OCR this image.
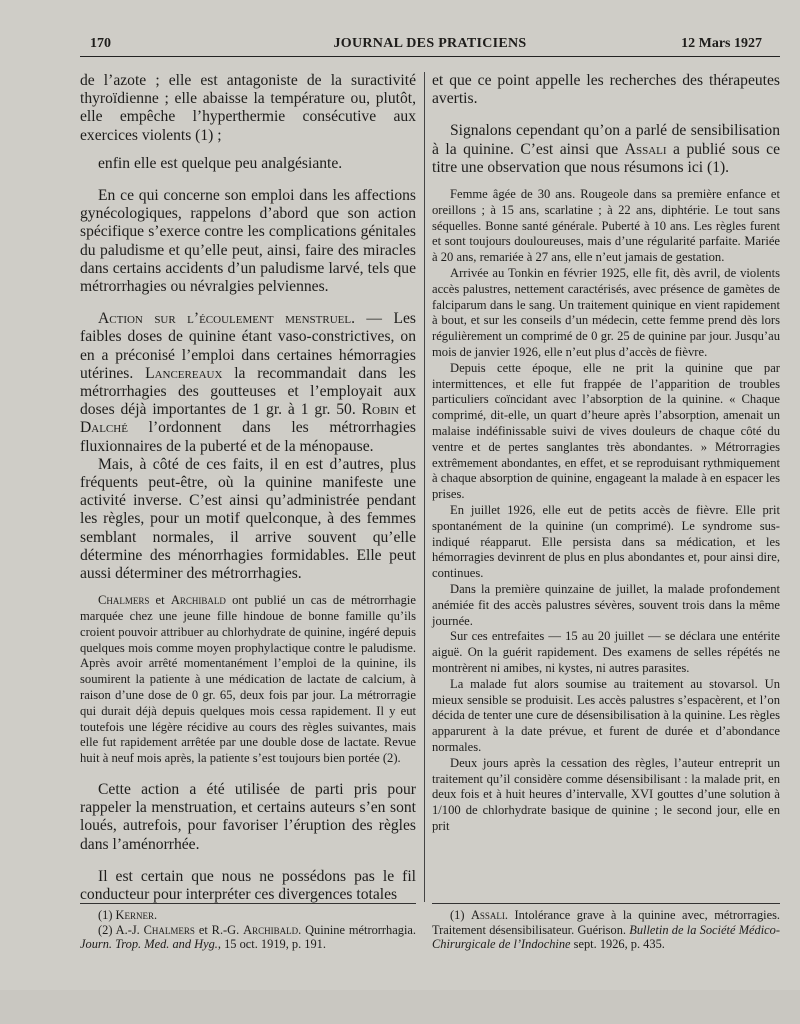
170	JOURNAL DES PRATICIENS	12 Mars 1927

de l’azote ; elle est antagoniste de la suractivité thyroïdienne ; elle abaisse la température ou, plutôt, elle empêche l’hyperthermie consécutive aux exercices violents (1) ;

enfin elle est quelque peu analgésiante.

En ce qui concerne son emploi dans les affections gynécologiques, rappelons d’abord que son action spécifique s’exerce contre les complications génitales du paludisme et qu’elle peut, ainsi, faire des miracles dans certains accidents d’un paludisme larvé, tels que métrorrhagies ou névralgies pelviennes.

Action sur l’écoulement menstruel. — Les faibles doses de quinine étant vaso-constrictives, on en a préconisé l’emploi dans certaines hémorragies utérines. Lancereaux la recommandait dans les métrorrhagies des goutteuses et l’employait aux doses déjà importantes de 1 gr. à 1 gr. 50. Robin et Dalché l’ordonnent dans les métrorrhagies fluxionnaires de la puberté et de la ménopause.

Mais, à côté de ces faits, il en est d’autres, plus fréquents peut-être, où la quinine manifeste une activité inverse. C’est ainsi qu’administrée pendant les règles, pour un motif quelconque, à des femmes semblant normales, il arrive souvent qu’elle détermine des ménorrhagies formidables. Elle peut aussi déterminer des métrorrhagies.

Chalmers et Archibald ont publié un cas de métrorrhagie marquée chez une jeune fille hindoue de bonne famille qu’ils croient pouvoir attribuer au chlorhydrate de quinine, ingéré depuis quelques mois comme moyen prophylactique contre le paludisme. Après avoir arrêté momentanément l’emploi de la quinine, ils soumirent la patiente à une médication de lactate de calcium, à raison d’une dose de 0 gr. 65, deux fois par jour. La métrorragie qui durait déjà depuis quelques mois cessa rapidement. Il y eut toutefois une légère récidive au cours des règles suivantes, mais elle fut rapidement arrêtée par une double dose de lactate. Revue huit à neuf mois après, la patiente s’est toujours bien portée (2).

Cette action a été utilisée de parti pris pour rappeler la menstruation, et certains auteurs s’en sont loués, autrefois, pour favoriser l’éruption des règles dans l’aménorrhée.

Il est certain que nous ne possédons pas le fil conducteur pour interpréter ces divergences totales

et que ce point appelle les recherches des thérapeutes avertis.

Signalons cependant qu’on a parlé de sensibilisation à la quinine. C’est ainsi que Assali a publié sous ce titre une observation que nous résumons ici (1).

Femme âgée de 30 ans. Rougeole dans sa première enfance et oreillons ; à 15 ans, scarlatine ; à 22 ans, diphtérie. Le tout sans séquelles. Bonne santé générale. Puberté à 10 ans. Les règles furent et sont toujours douloureuses, mais d’une régularité parfaite. Mariée à 20 ans, remariée à 27 ans, elle n’eut jamais de gestation.

Arrivée au Tonkin en février 1925, elle fit, dès avril, de violents accès palustres, nettement caractérisés, avec présence de gamètes de falciparum dans le sang. Un traitement quinique en vient rapidement à bout, et sur les conseils d’un médecin, cette femme prend dès lors régulièrement un comprimé de 0 gr. 25 de quinine par jour. Jusqu’au mois de janvier 1926, elle n’eut plus d’accès de fièvre.

Depuis cette époque, elle ne prit la quinine que par intermittences, et elle fut frappée de l’apparition de troubles particuliers coïncidant avec l’absorption de la quinine. « Chaque comprimé, dit-elle, un quart d’heure après l’absorption, amenait un malaise indéfinissable suivi de vives douleurs de chaque côté du ventre et de pertes sanglantes très abondantes. » Métrorragies extrêmement abondantes, en effet, et se reproduisant rythmiquement à chaque absorption de quinine, engageant la malade à en espacer les prises.

En juillet 1926, elle eut de petits accès de fièvre. Elle prit spontanément de la quinine (un comprimé). Le syndrome sus-indiqué réapparut. Elle persista dans sa médication, et les hémorragies devinrent de plus en plus abondantes et, pour ainsi dire, continues.

Dans la première quinzaine de juillet, la malade profondement anémiée fit des accès palustres sévères, souvent trois dans la même journée.

Sur ces entrefaites — 15 au 20 juillet — se déclara une entérite aiguë. On la guérit rapidement. Des examens de selles répétés ne montrèrent ni amibes, ni kystes, ni autres parasites.

La malade fut alors soumise au traitement au stovarsol. Un mieux sensible se produisit. Les accès palustres s’espacèrent, et l’on décida de tenter une cure de désensibilisation à la quinine. Les règles apparurent à la date prévue, et furent de durée et d’abondance normales.

Deux jours après la cessation des règles, l’auteur entreprit un traitement qu’il considère comme désensibilisant : la malade prit, en deux fois et à huit heures d’intervalle, XVI gouttes d’une solution à 1/100 de chlorhydrate basique de quinine ; le second jour, elle en prit

(1) Kerner.

(2) A.-J. Chalmers et R.-G. Archibald. Quinine métrorrhagia. Journ. Trop. Med. and Hyg., 15 oct. 1919, p. 191.

(1) Assali. Intolérance grave à la quinine avec, métrorragies. Traitement désensibilisateur. Guérison. Bulletin de la Société Médico-Chirurgicale de l’Indochine sept. 1926, p. 435.
